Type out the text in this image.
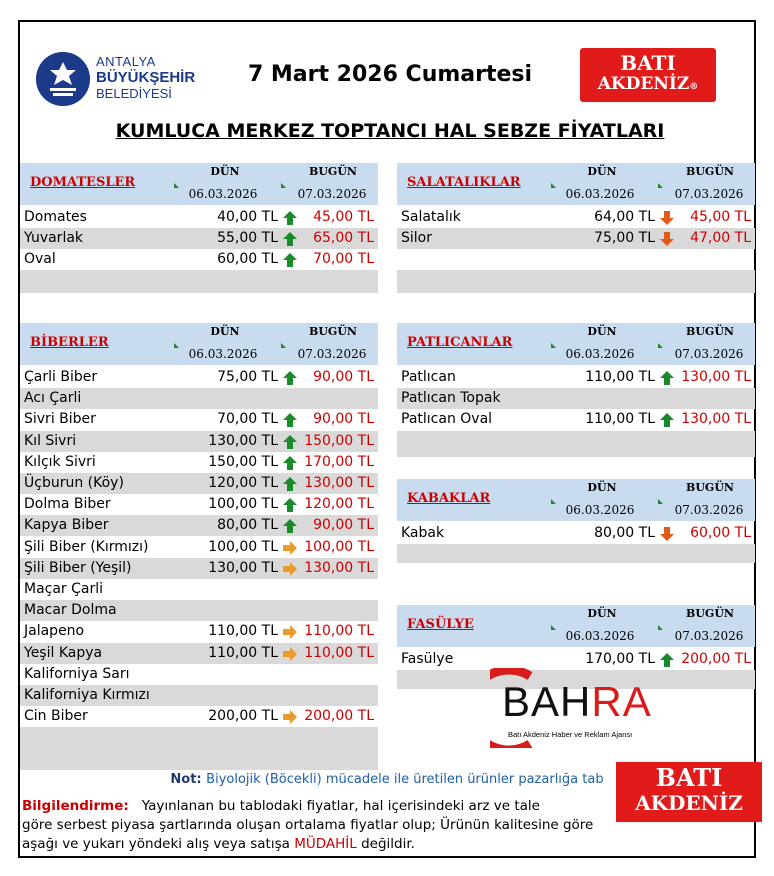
ANTALYA
BÜYÜKŞEHİR
BELEDİYESİ
7 Mart 2026 Cumartesi	BATI
AKDENİZ®
KUMLUCA MERKEZ TOPTANCI HAL SEBZE FİYATLARI
DOMATESLER
DÜN	BUGÜN
06.03.2026	07.03.2026
Domates	40,00 TL	45,00 TL
Yuvarlak	55,00 TL	65,00 TL
Oval	60,00 TL	70,00 TL
SALATALIKLAR
DÜN	BUGÜN
06.03.2026	07.03.2026
Salatalık	64,00 TL	45,00 TL
Silor	75,00 TL	47,00 TL
BİBERLER
DÜN	BUGÜN
06.03.2026	07.03.2026
Çarli Biber	75,00 TL	90,00 TL
Acı Çarli
Sivri Biber	70,00 TL	90,00 TL
Kıl Sivri	130,00 TL	150,00 TL
Kılçık Sivri	150,00 TL	170,00 TL
Üçburun (Köy)	120,00 TL	130,00 TL
Dolma Biber	100,00 TL	120,00 TL
Kapya Biber	80,00 TL	90,00 TL
Şili Biber (Kırmızı)	100,00 TL	100,00 TL
Şili Biber (Yeşil)	130,00 TL	130,00 TL
Maçar Çarli
Macar Dolma
Jalapeno	110,00 TL	110,00 TL
Yeşil Kapya	110,00 TL	110,00 TL
Kaliforniya Sarı
Kaliforniya Kırmızı
Cin Biber	200,00 TL	200,00 TL
PATLICANLAR
DÜN	BUGÜN
06.03.2026	07.03.2026
Patlıcan	110,00 TL	130,00 TL
Patlıcan Topak
Patlıcan Oval	110,00 TL	130,00 TL
KABAKLAR
DÜN	BUGÜN
06.03.2026	07.03.2026
Kabak	80,00 TL	60,00 TL
FASÜLYE
DÜN	BUGÜN
06.03.2026	07.03.2026
Fasülye	170,00 TL	200,00 TL
BAHRA
Batı Akdeniz Haber ve Reklam Ajansı
Not: Biyolojik (Böcekli) mücadele ile üretilen ürünler pazarlığa tab
Bilgilendirme: Yayınlanan bu tablodaki fiyatlar, hal içerisindeki arz ve tale
göre serbest piyasa şartlarında oluşan ortalama fiyatlar olup; Ürünün kalitesine göre
aşağı ve yukarı yöndeki alış veya satışa MÜDAHİL değildir.
BATI
AKDENİZ
